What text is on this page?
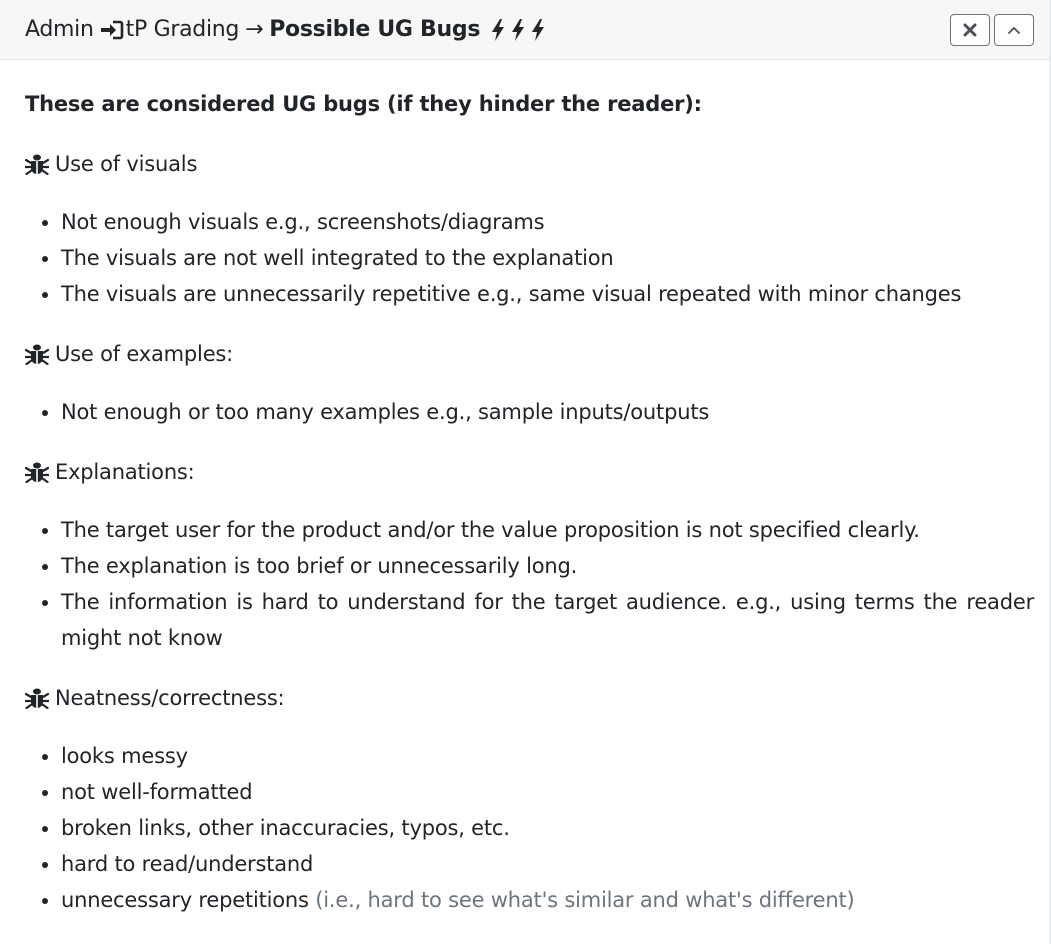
Admin tP Grading → Possible UG Bugs
These are considered UG bugs (if they hinder the reader):
Use of visuals
• Not enough visuals e.g., screenshots/diagrams
• The visuals are not well integrated to the explanation
• The visuals are unnecessarily repetitive e.g., same visual repeated with minor changes
Use of examples:
• Not enough or too many examples e.g., sample inputs/outputs
Explanations:
• The target user for the product and/or the value proposition is not specified clearly.
• The explanation is too brief or unnecessarily long.
• The information is hard to understand for the target audience. e.g., using terms the reader might not know
Neatness/correctness:
• looks messy
• not well-formatted
• broken links, other inaccuracies, typos, etc.
• hard to read/understand
• unnecessary repetitions (i.e., hard to see what's similar and what's different)
